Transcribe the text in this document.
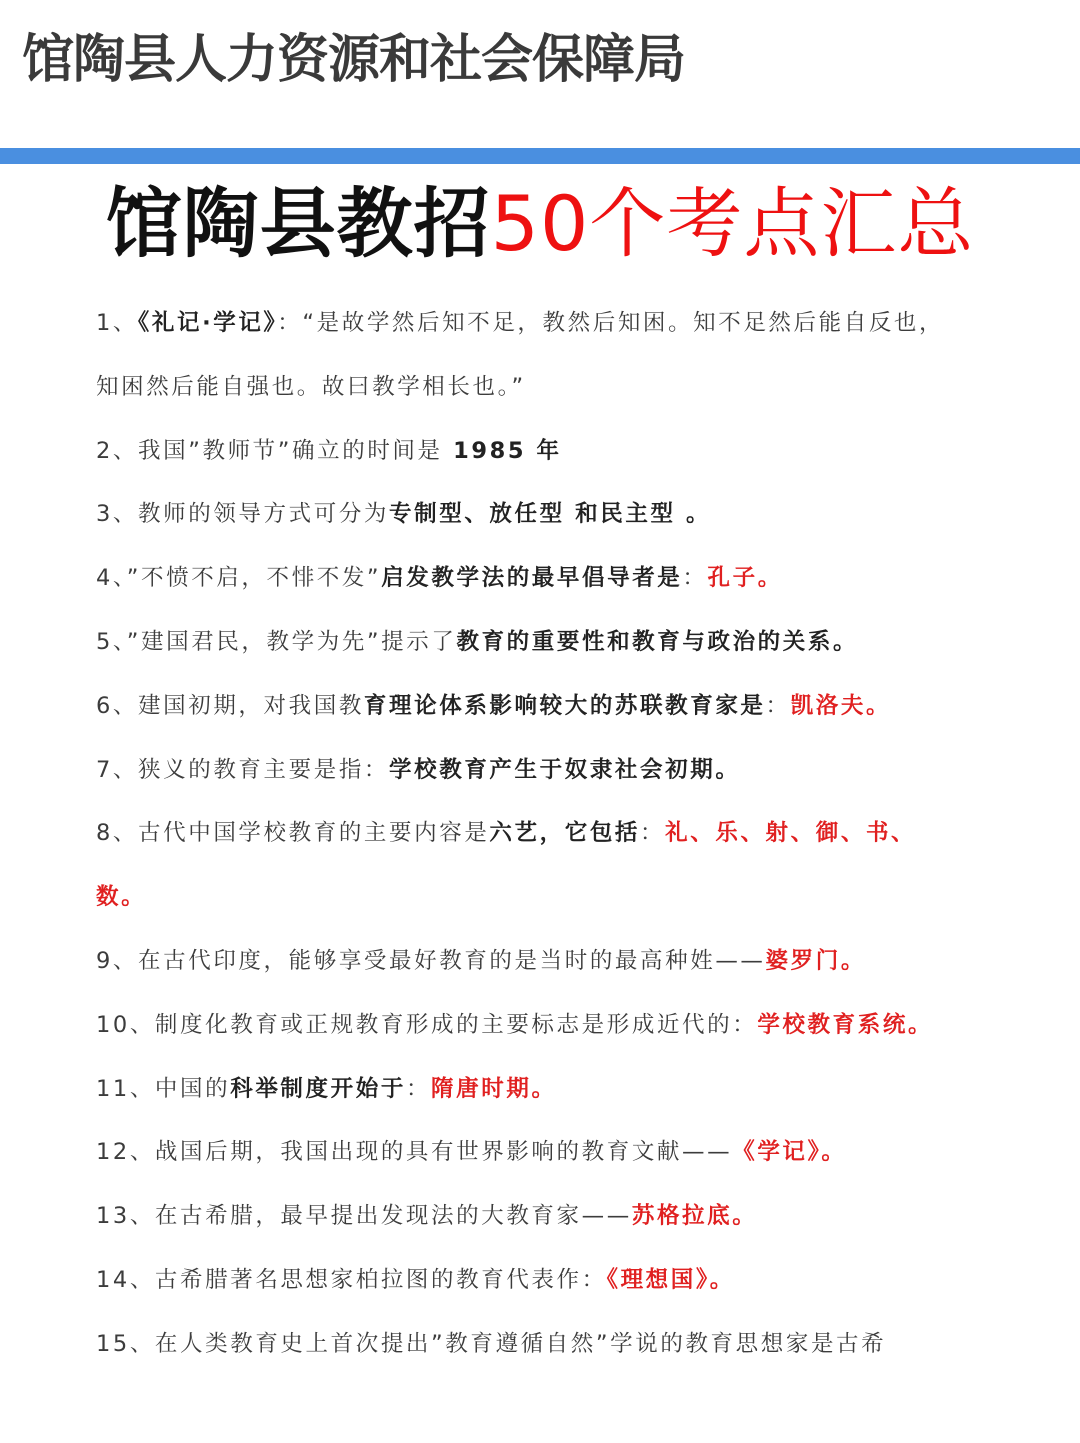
馆陶县人力资源和社会保障局
馆陶县教招50个考点汇总
1、《礼记·学记》：“是故学然后知不足，教然后知困。知不足然后能自反也，知困然后能自强也。故曰教学相长也。”
2、我国”教师节”确立的时间是 1985 年
3、教师的领导方式可分为专制型、放任型 和民主型 。
4、”不愤不启，不悱不发”启发教学法的最早倡导者是：孔子。
5、”建国君民，教学为先”提示了教育的重要性和教育与政治的关系。
6、建国初期，对我国教育理论体系影响较大的苏联教育家是：凯洛夫。
7、狭义的教育主要是指：学校教育产生于奴隶社会初期。
8、古代中国学校教育的主要内容是六艺，它包括：礼、乐、射、御、书、数。
9、在古代印度，能够享受最好教育的是当时的最高种姓——婆罗门。
10、制度化教育或正规教育形成的主要标志是形成近代的：学校教育系统。
11、中国的科举制度开始于：隋唐时期。
12、战国后期，我国出现的具有世界影响的教育文献——《学记》。
13、在古希腊，最早提出发现法的大教育家——苏格拉底。
14、古希腊著名思想家柏拉图的教育代表作：《理想国》。
15、在人类教育史上首次提出”教育遵循自然”学说的教育思想家是古希
